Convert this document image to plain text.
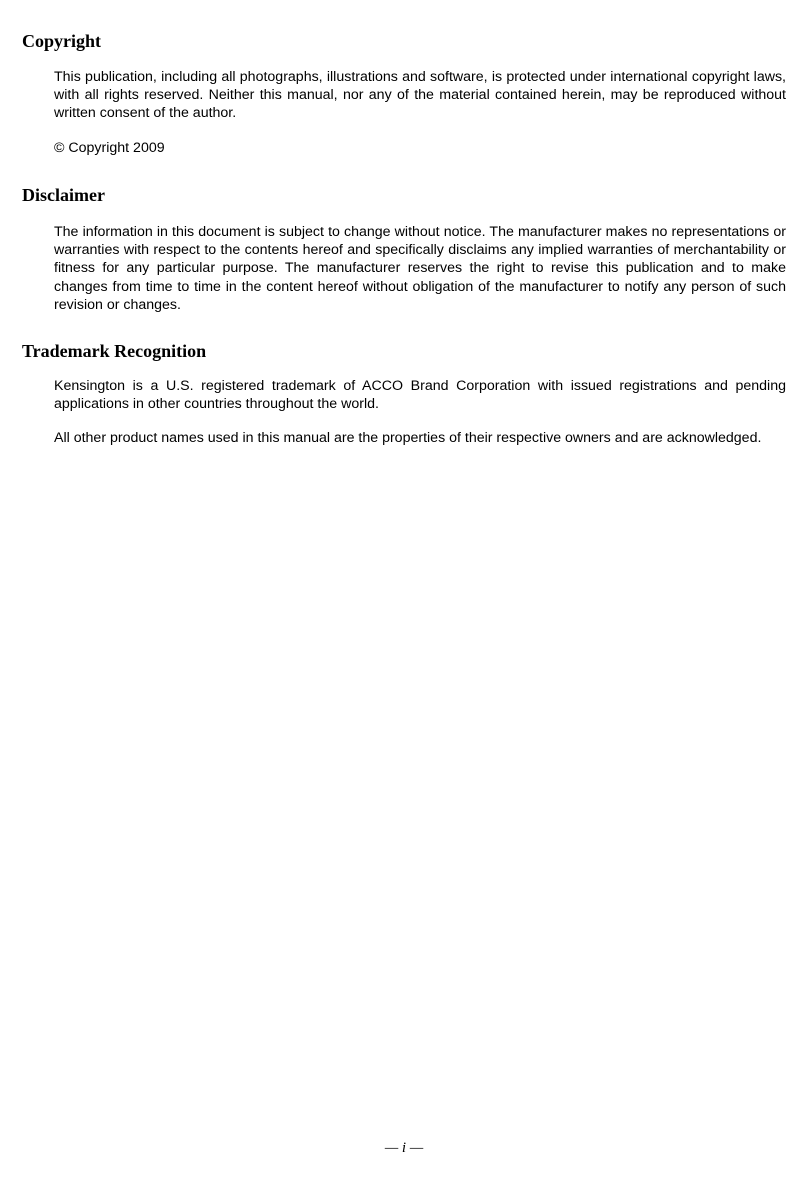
Copyright

This publication, including all photographs, illustrations and software, is protected under international copyright laws, with all rights reserved. Neither this manual, nor any of the material contained herein, may be reproduced without written consent of the author.

© Copyright 2009

Disclaimer

The information in this document is subject to change without notice. The manufacturer makes no representations or warranties with respect to the contents hereof and specifically disclaims any implied warranties of merchantability or fitness for any particular purpose. The manufacturer reserves the right to revise this publication and to make changes from time to time in the content hereof without obligation of the manufacturer to notify any person of such revision or changes.

Trademark Recognition

Kensington is a U.S. registered trademark of ACCO Brand Corporation with issued registrations and pending applications in other countries throughout the world.

All other product names used in this manual are the properties of their respective owners and are acknowledged.

— i —
